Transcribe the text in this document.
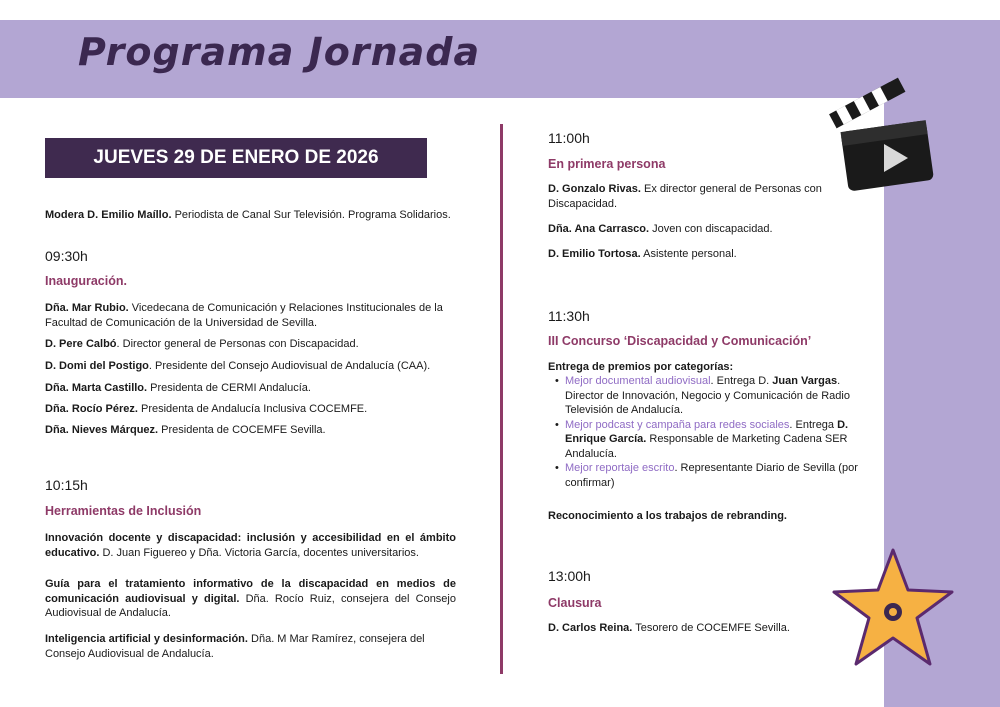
Programa Jornada
JUEVES 29 DE ENERO DE 2026
Modera D. Emilio Maíllo. Periodista de Canal Sur Televisión. Programa Solidarios.
09:30h
Inauguración.
Dña. Mar Rubio. Vicedecana de Comunicación y Relaciones Institucionales de la Facultad de Comunicación de la Universidad de Sevilla.
D. Pere Calbó. Director general de Personas con Discapacidad.
D. Domi del Postigo. Presidente del Consejo Audiovisual de Andalucía (CAA).
Dña. Marta Castillo. Presidenta de CERMI Andalucía.
Dña. Rocío Pérez. Presidenta de Andalucía Inclusiva COCEMFE.
Dña. Nieves Márquez. Presidenta de COCEMFE Sevilla.
10:15h
Herramientas de Inclusión
Innovación docente y discapacidad: inclusión y accesibilidad en el ámbito educativo. D. Juan Figuereo y Dña. Victoria García, docentes universitarios.
Guía para el tratamiento informativo de la discapacidad en medios de comunicación audiovisual y digital. Dña. Rocío Ruiz, consejera del Consejo Audiovisual de Andalucía.
Inteligencia artificial y desinformación. Dña. M Mar Ramírez, consejera del Consejo Audiovisual de Andalucía.
11:00h
En primera persona
D. Gonzalo Rivas. Ex director general de Personas con Discapacidad.
Dña. Ana Carrasco. Joven con discapacidad.
D. Emilio Tortosa. Asistente personal.
11:30h
III Concurso ‘Discapacidad y Comunicación’
Entrega de premios por categorías:
• Mejor documental audiovisual. Entrega D. Juan Vargas. Director de Innovación, Negocio y Comunicación de Radio Televisión de Andalucía.
• Mejor podcast y campaña para redes sociales. Entrega D. Enrique García. Responsable de Marketing Cadena SER Andalucía.
• Mejor reportaje escrito. Representante Diario de Sevilla (por confirmar)
Reconocimiento a los trabajos de rebranding.
13:00h
Clausura
D. Carlos Reina. Tesorero de COCEMFE Sevilla.
